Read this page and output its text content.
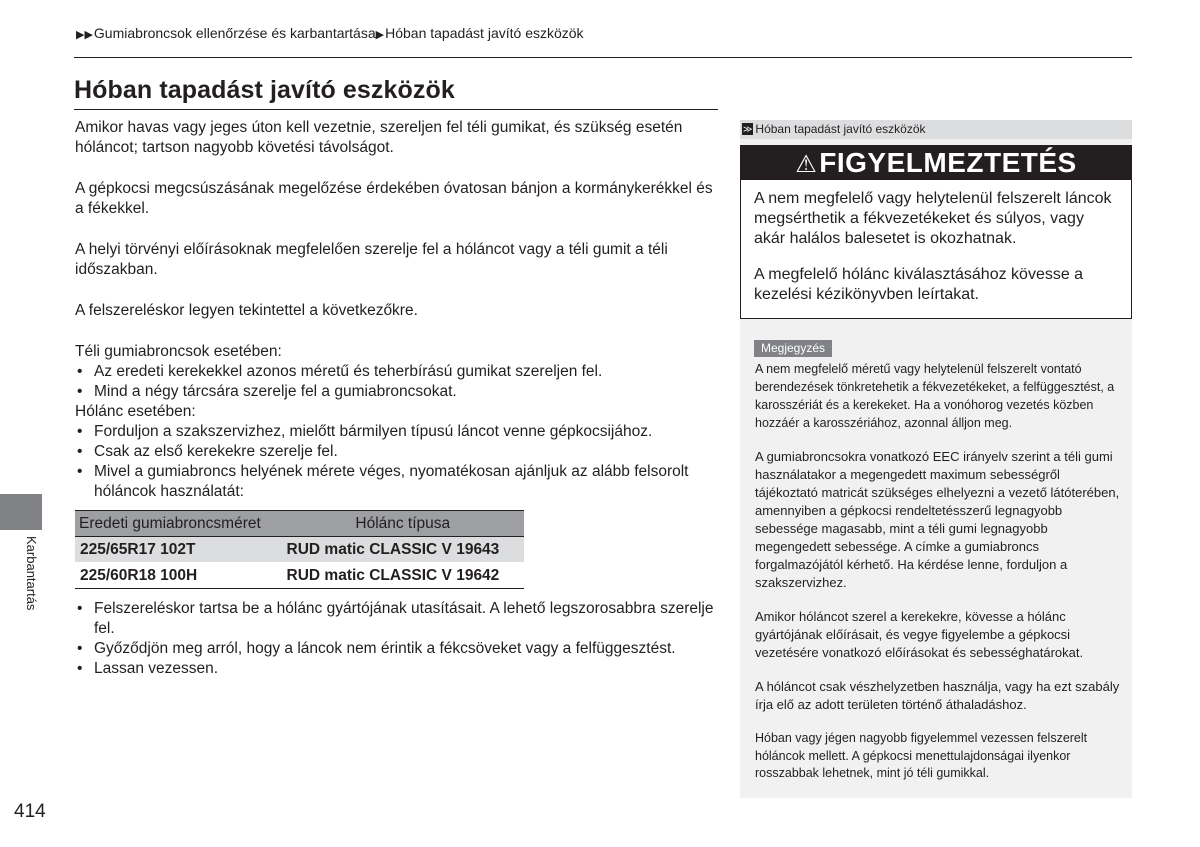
▶▶Gumiabroncsok ellenőrzése és karbantartása▶Hóban tapadást javító eszközök
Hóban tapadást javító eszközök

Amikor havas vagy jeges úton kell vezetnie, szereljen fel téli gumikat, és szükség esetén hóláncot; tartson nagyobb követési távolságot.

A gépkocsi megcsúszásának megelőzése érdekében óvatosan bánjon a kormánykerékkel és a fékekkel.

A helyi törvényi előírásoknak megfelelően szerelje fel a hóláncot vagy a téli gumit a téli időszakban.

A felszereléskor legyen tekintettel a következőkre.

Téli gumiabroncsok esetében:

• Az eredeti kerekekkel azonos méretű és teherbírású gumikat szereljen fel.
• Mind a négy tárcsára szerelje fel a gumiabroncsokat.

Hólánc esetében:

• Forduljon a szakszervizhez, mielőtt bármilyen típusú láncot venne gépkocsijához.
• Csak az első kerekekre szerelje fel.
• Mivel a gumiabroncs helyének mérete véges, nyomatékosan ajánljuk az alább felsorolt hóláncok használatát:
Eredeti gumiabroncsméret	Hólánc típusa
225/65R17 102T	RUD matic CLASSIC V 19643
225/60R18 100H	RUD matic CLASSIC V 19642
• Felszereléskor tartsa be a hólánc gyártójának utasításait. A lehető legszorosabbra szerelje fel.
• Győződjön meg arról, hogy a láncok nem érintik a fékcsöveket vagy a felfüggesztést.
• Lassan vezessen.
Karbantartás
414
≫ Hóban tapadást javító eszközök
⚠FIGYELMEZTETÉS

A nem megfelelő vagy helytelenül felszerelt láncok megsérthetik a fékvezetékeket és súlyos, vagy akár halálos balesetet is okozhatnak.

A megfelelő hólánc kiválasztásához kövesse a kezelési kézikönyvben leírtakat.

Megjegyzés

A nem megfelelő méretű vagy helytelenül felszerelt vontató berendezések tönkretehetik a fékvezetékeket, a felfüggesztést, a karosszériát és a kerekeket. Ha a vonóhorog vezetés közben hozzáér a karosszériához, azonnal álljon meg.

A gumiabroncsokra vonatkozó EEC irányelv szerint a téli gumi használatakor a megengedett maximum sebességről tájékoztató matricát szükséges elhelyezni a vezető látóterében, amennyiben a gépkocsi rendeltetésszerű legnagyobb sebessége magasabb, mint a téli gumi legnagyobb megengedett sebessége. A címke a gumiabroncs forgalmazójától kérhető. Ha kérdése lenne, forduljon a szakszervizhez.

Amikor hóláncot szerel a kerekekre, kövesse a hólánc gyártójának előírásait, és vegye figyelembe a gépkocsi vezetésére vonatkozó előírásokat és sebességhatárokat.

A hóláncot csak vészhelyzetben használja, vagy ha ezt szabály írja elő az adott területen történő áthaladáshoz.

Hóban vagy jégen nagyobb figyelemmel vezessen felszerelt hóláncok mellett. A gépkocsi menettulajdonságai ilyenkor rosszabbak lehetnek, mint jó téli gumikkal.
